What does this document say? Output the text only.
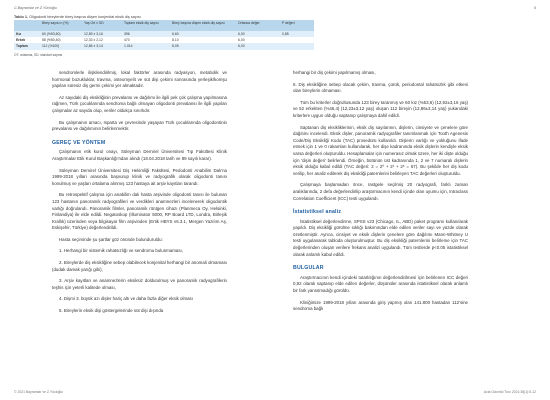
C.Bayramlar ve Z.Yücioğlu	5
Tablo 1. Oligodonti bireylerde birey başına düşen konjenital eksik diş sayısı
	Birey sayısı n (%)	Yaş Ort ± SD	Toplam eksik diş sayısı	Birey başına düşen eksik diş sayısı	Ortanca değer	P değeri
Kız	60 (%53,60)	12,89 ± 3,16	396	6,60	6,00	0,85
Erkek	58 (%50,40)	12,33 ± 2,12	470	8,10	6,00	
Toplam	112 (%100)	12,86 ± 3,14	1.014	8,05	6,00	
OT: ortalama, SD: standart sapma

sendromlerle ilişkilendirilmiş, lokal faktörler arasında radyasyon, metabolik ve hormonal bozukluklar, travma, osteomyelit ve süt dişi çekimi sonrasında yerleşik/komşu yapılan süresiz diş germi çekimi yer almaktadır.

Az sayıdaki diş eksikliğinin prevalansı ve dağılımı ile ilgili pek çok çalışma yapılmasına rağmen, Türk çocuklarında sendroma bağlı olmayan oligodonti prevalansı ile ilgili yapılan çalışmalar az sayıda olup, veriler oldukça sınırlıdır.

Bu çalışmanın amacı, Isparta ve çevresinde yaşayan Türk çocuklarında oligodontinin prevalansı ve dağılımının belirlenmektir.

GEREÇ VE YÖNTEM

Çalışmanın etik kurul onayı, Süleyman Demirel Üniversitesi Tıp Fakültesi Klinik Araştırmalar Etik Kurul Başkanlığı'ndan alındı (18.04.2018 tarih ve 89 sayılı karar).

Süleyman Demirel Üniversitesi Diş Hekimliği Fakültesi, Pedodonti Anabilim Dalı'na 1999-2018 yılları arasında başvurup klinik ve radyografik olarak oligodonti tanısı konulmuş ve yaşları ortalama alınmış 123 hastaya ait arşiv kayıtları tarandı.

Bu retrospektif çalışma için anabilim dalı hasta arşivinde oligodonti tanısı ile bulunan 123 hastanın panoramik radyografileri ve verdikleri anamnezleri incelenerek oligodontik varlığı doğrulandı. Panoramik filmler, panoramik röntgen cihazı (Planmeca Oy, Helsinki, Finlandiya) ile elde edildi. Negatoskop (Illuminator 5000, RP Board LTD, Londra, Birleşik Krallık) üzerinden veya bilgisayar film arşivinden (Ertik HBYS v6.3.1, Mergen Yazılım Aş, Eskişehir, Türkiye) değerlendirildi.

Hasta seçiminde şu şartlar göz önünde bulunduruldu:

1. Herhangi bir sistemik rahatsızlığı ve sendromu bulunmaması,

2. Bireylerde diş eksikliğine sebep olabilecek konjenital herhangi bir anomali olmaması (dudak damak yarığı gibi),

3. Arşiv kayıtları ve anamnezlerin eksiksiz doldurulmuş ve panoramik radyografilerin teşhis için yeterli kalitede olması,

4. Dişmi 3. büyük azı dişler hariç altı ve daha fazla diğer eksik olması

5. Bireylerin eksik dişi göstergelerinde süt dişi dışında

herhangi bir diş çekimi yapılmamış olması,

6. Diş eksikliğine sebep olacak çekim, travma, çürük, periodontal rahatsızlık gibi etkeni olan bireylerin olmaması.

Tüm bu kriterler doğrultusunda 123 birey taranmış ve 60 kız (%53,6) (12,92±3,16 yaş) ve 52 erkekten (%46,4) (12,23±3,12 yaş) oluşan 112 bireyin (12,86±3,14 yaş) yukarıdaki kriterlere uygun olduğu saptanıp çalışmaya dahil edildi.

Saptanan diş eksikliklerinin, eksik diş sayılarının, dişlerin, cinsiyete ve çenelere göre dağılımı incelendi. Eksik dişler, panoramik radyografiler tanımlanmak için Tooth Agenesis Code/Diş Eksikliği Kodu (TAC) prosedürü kullanıldı. Dişlerin varlığı ve yokluğunu ifade etmek için 1 ve 0 rakamları kullanılarak, her dişe kadranında eksik dişlerin kendiyle eksik varsa değerleri oluşturuldu. Hesaplamalar için numerasız olmak üzere, her iki dişte olduğu için 'dişin değeri' belirlendi. Örneğin, bütünün üst kadranında 1, 2 ve 7 numaralı dişlerin eksik olduğu kabul edildi (TAC değeri: 2 = 2⁰ + 2¹ + 2⁶ = 67). Bu şekilde her diş kodu verilip, her analiz edilerek diş eksikliği paternlerini belirleyen TAC değerleri oluşturuldu.

Çalışmaya başlamadan önce, rastgele seçilmiş 20 radyografi, farklı zaman aralıklarında, 2 defa değerlendirilip araştırmacının kendi içinde olan uyumu için, Intraclass Correlation Coefficient (ICC) testi uygulandı.

İstatistiksel analiz

İstatistiksel değerlendirme, SPSS v23 (Chicago, IL, ABD) paket programı kullanılarak yapıldı. Diş eksikliği görülme sıklığı bakımından elde edilen veriler sayı ve yüzde olarak özetlenmiştir. Ayrıca, cinsiyet ve eksik dişlerin çenelere göre dağılımı Mann-Whitney U testi uygulanarak tabloda oluşturulmuştur. Bu diş eksikliği paternlerini belirleme için TAC değerlerinden oluşan verilere frekans analizi uygulandı. Tüm testlerde p<0.05 istatistiksel olarak anlamlı kabul edildi.

BULGULAR

Araştırmacının kendi içindeki tutarlılığının değerlendirilmesi için belirlenen ICC değeri 0,92 olarak saptanıp elde edilen değerler, düşünüler arasında istatistiksel olarak anlamlı bir fark yansıtmadığı görüldü.

Kliniğimize 1999-2018 yılları arasında giriş yapmış olan 141.800 hastadan 112'sine sendroma bağlı

© 2021 Bayramlar ve Z.Yücioğlu	Acta Odontol Turc 2021;38(1):5-12
